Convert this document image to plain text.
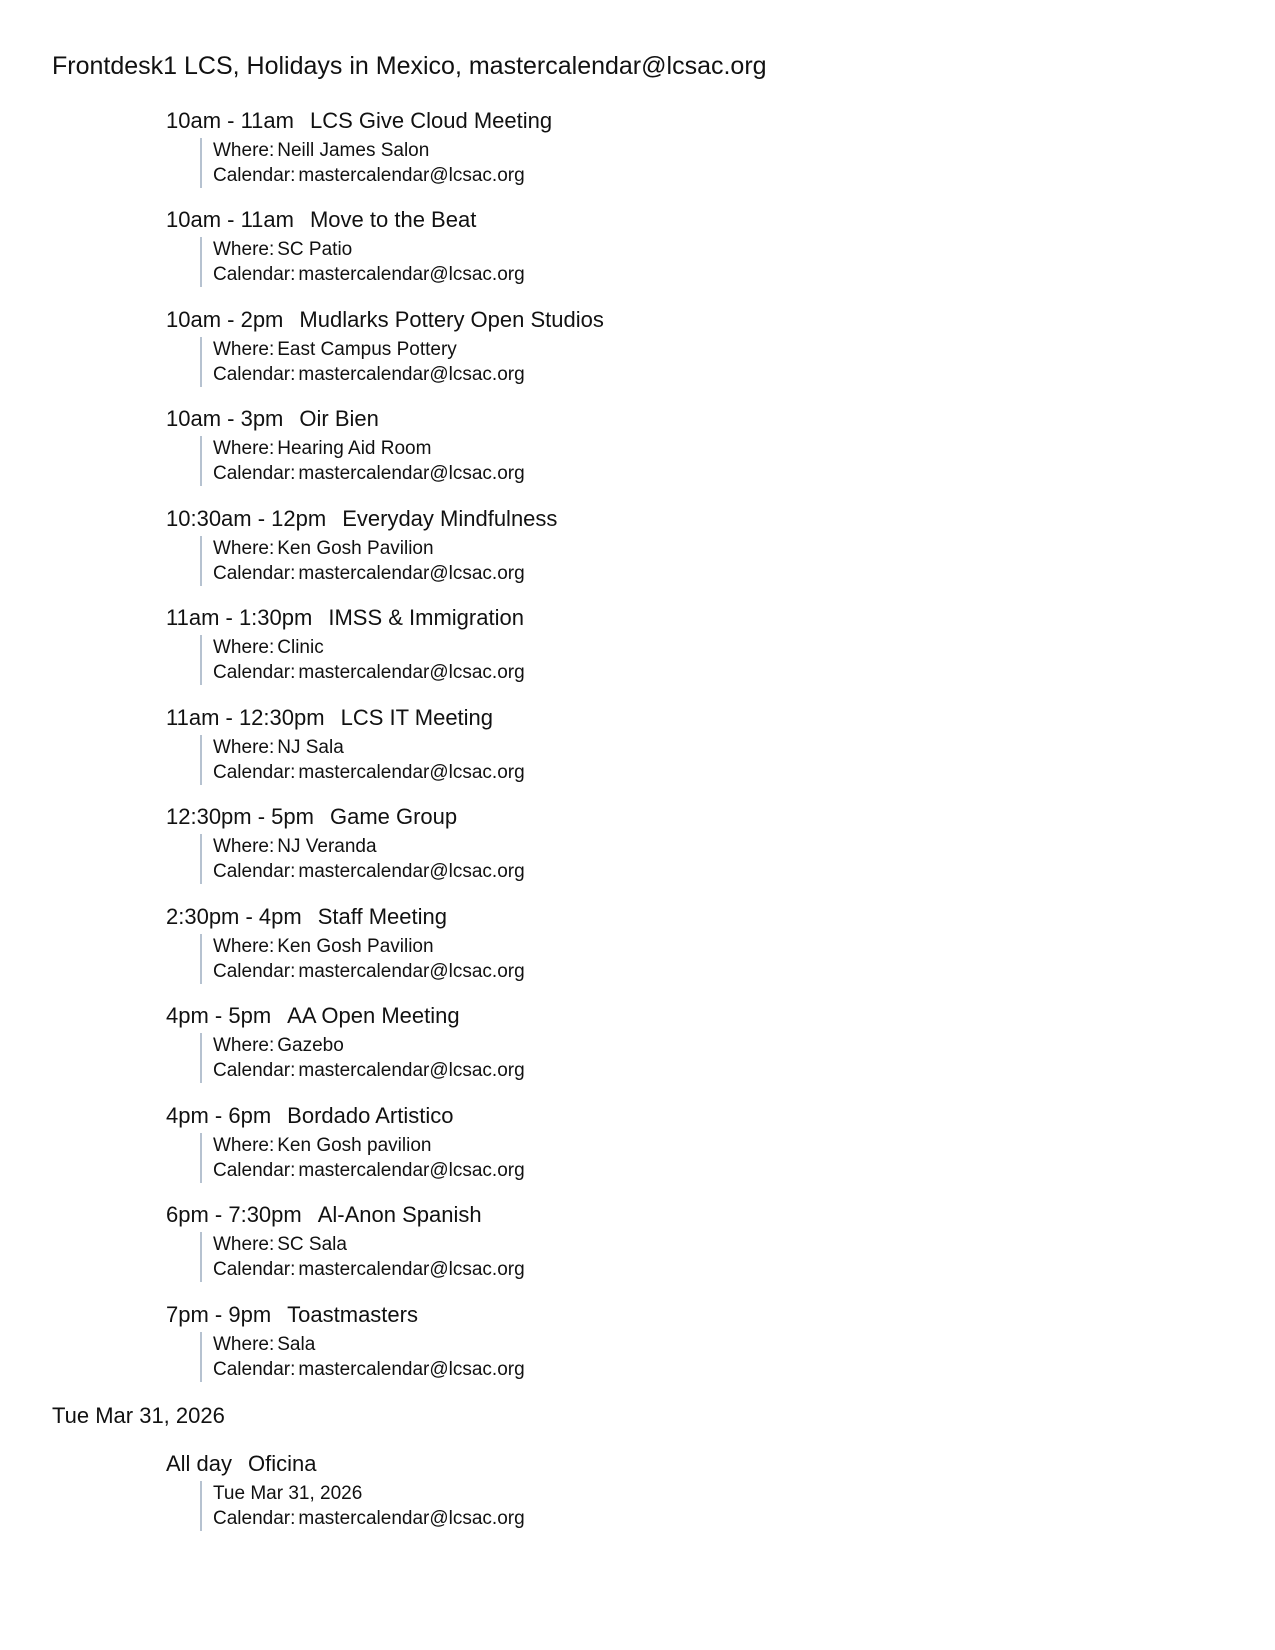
Frontdesk1 LCS, Holidays in Mexico, mastercalendar@lcsac.org
10am - 11am LCS Give Cloud Meeting
Where: Neill James Salon
Calendar: mastercalendar@lcsac.org
10am - 11am Move to the Beat
Where: SC Patio
Calendar: mastercalendar@lcsac.org
10am - 2pm Mudlarks Pottery Open Studios
Where: East Campus Pottery
Calendar: mastercalendar@lcsac.org
10am - 3pm Oir Bien
Where: Hearing Aid Room
Calendar: mastercalendar@lcsac.org
10:30am - 12pm Everyday Mindfulness
Where: Ken Gosh Pavilion
Calendar: mastercalendar@lcsac.org
11am - 1:30pm IMSS & Immigration
Where: Clinic
Calendar: mastercalendar@lcsac.org
11am - 12:30pm LCS IT Meeting
Where: NJ Sala
Calendar: mastercalendar@lcsac.org
12:30pm - 5pm Game Group
Where: NJ Veranda
Calendar: mastercalendar@lcsac.org
2:30pm - 4pm Staff Meeting
Where: Ken Gosh Pavilion
Calendar: mastercalendar@lcsac.org
4pm - 5pm AA Open Meeting
Where: Gazebo
Calendar: mastercalendar@lcsac.org
4pm - 6pm Bordado Artistico
Where: Ken Gosh pavilion
Calendar: mastercalendar@lcsac.org
6pm - 7:30pm Al-Anon Spanish
Where: SC Sala
Calendar: mastercalendar@lcsac.org
7pm - 9pm Toastmasters
Where: Sala
Calendar: mastercalendar@lcsac.org
Tue Mar 31, 2026
All day Oficina
Tue Mar 31, 2026
Calendar: mastercalendar@lcsac.org
